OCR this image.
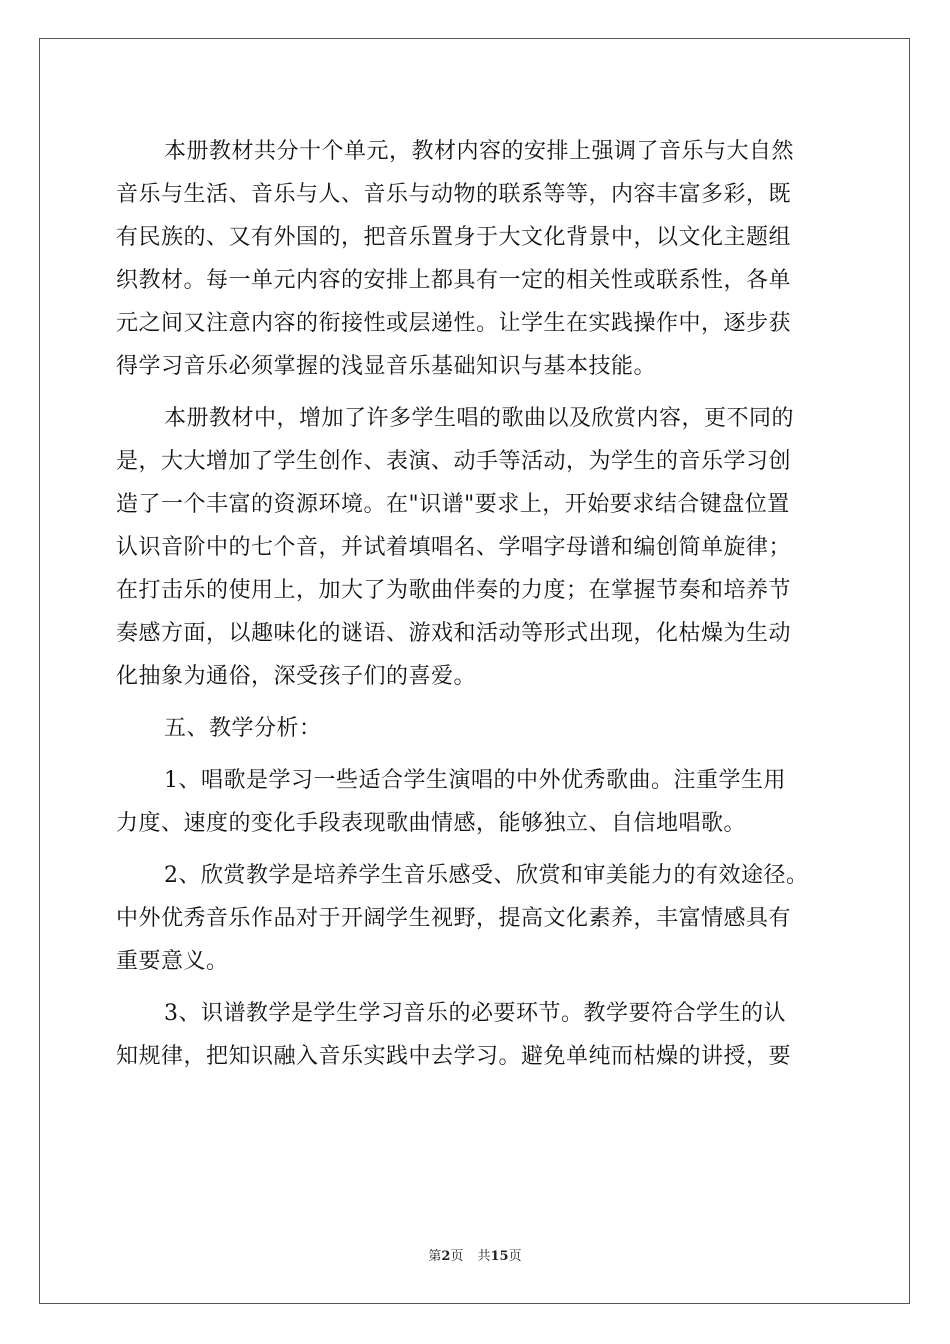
本册教材共分十个单元，教材内容的安排上强调了音乐与大自然
音乐与生活、音乐与人、音乐与动物的联系等等，内容丰富多彩，既
有民族的、又有外国的，把音乐置身于大文化背景中，以文化主题组
织教材。每一单元内容的安排上都具有一定的相关性或联系性，各单
元之间又注意内容的衔接性或层递性。让学生在实践操作中，逐步获
得学习音乐必须掌握的浅显音乐基础知识与基本技能。
本册教材中，增加了许多学生唱的歌曲以及欣赏内容，更不同的
是，大大增加了学生创作、表演、动手等活动，为学生的音乐学习创
造了一个丰富的资源环境。在"识谱"要求上，开始要求结合键盘位置
认识音阶中的七个音，并试着填唱名、学唱字母谱和编创简单旋律；
在打击乐的使用上，加大了为歌曲伴奏的力度；在掌握节奏和培养节
奏感方面，以趣味化的谜语、游戏和活动等形式出现，化枯燥为生动
化抽象为通俗，深受孩子们的喜爱。
五、教学分析：
1、唱歌是学习一些适合学生演唱的中外优秀歌曲。注重学生用
力度、速度的变化手段表现歌曲情感，能够独立、自信地唱歌。
2、欣赏教学是培养学生音乐感受、欣赏和审美能力的有效途径。
中外优秀音乐作品对于开阔学生视野，提高文化素养，丰富情感具有
重要意义。
3、识谱教学是学生学习音乐的必要环节。教学要符合学生的认
知规律，把知识融入音乐实践中去学习。避免单纯而枯燥的讲授，要
第2页 共15页
